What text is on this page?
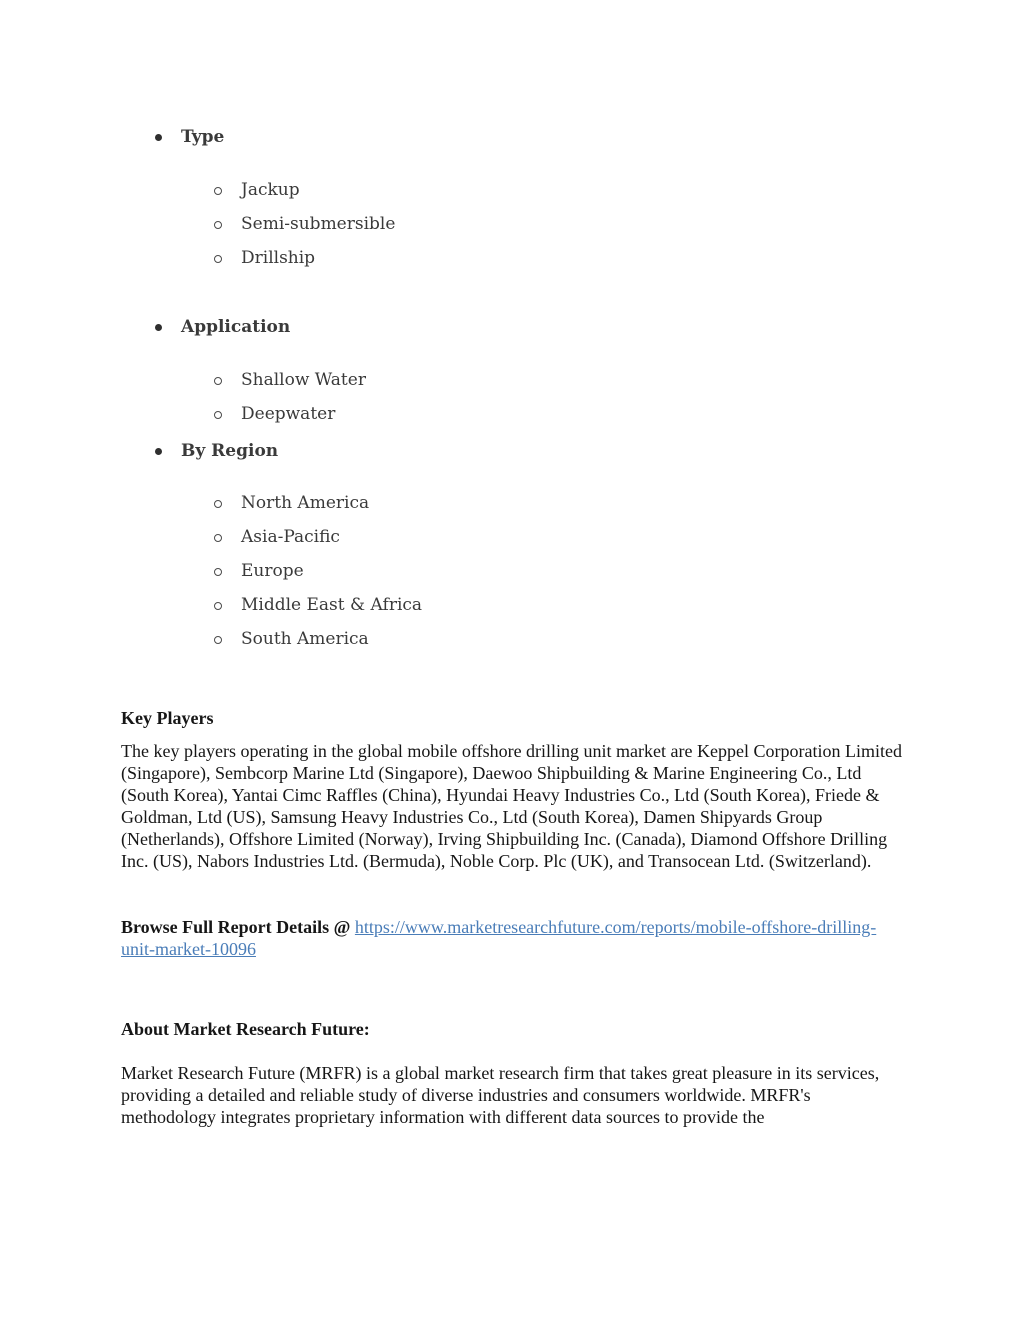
Type
Jackup
Semi-submersible
Drillship
Application
Shallow Water
Deepwater
By Region
North America
Asia-Pacific
Europe
Middle East & Africa
South America
Key Players

The key players operating in the global mobile offshore drilling unit market are Keppel Corporation Limited (Singapore), Sembcorp Marine Ltd (Singapore), Daewoo Shipbuilding & Marine Engineering Co., Ltd (South Korea), Yantai Cimc Raffles (China), Hyundai Heavy Industries Co., Ltd (South Korea), Friede & Goldman, Ltd (US), Samsung Heavy Industries Co., Ltd (South Korea), Damen Shipyards Group (Netherlands), Offshore Limited (Norway), Irving Shipbuilding Inc. (Canada), Diamond Offshore Drilling Inc. (US), Nabors Industries Ltd. (Bermuda), Noble Corp. Plc (UK), and Transocean Ltd. (Switzerland).

Browse Full Report Details @ https://www.marketresearchfuture.com/reports/mobile-offshore-drilling-unit-market-10096

About Market Research Future:

Market Research Future (MRFR) is a global market research firm that takes great pleasure in its services, providing a detailed and reliable study of diverse industries and consumers worldwide. MRFR's methodology integrates proprietary information with different data sources to provide the
